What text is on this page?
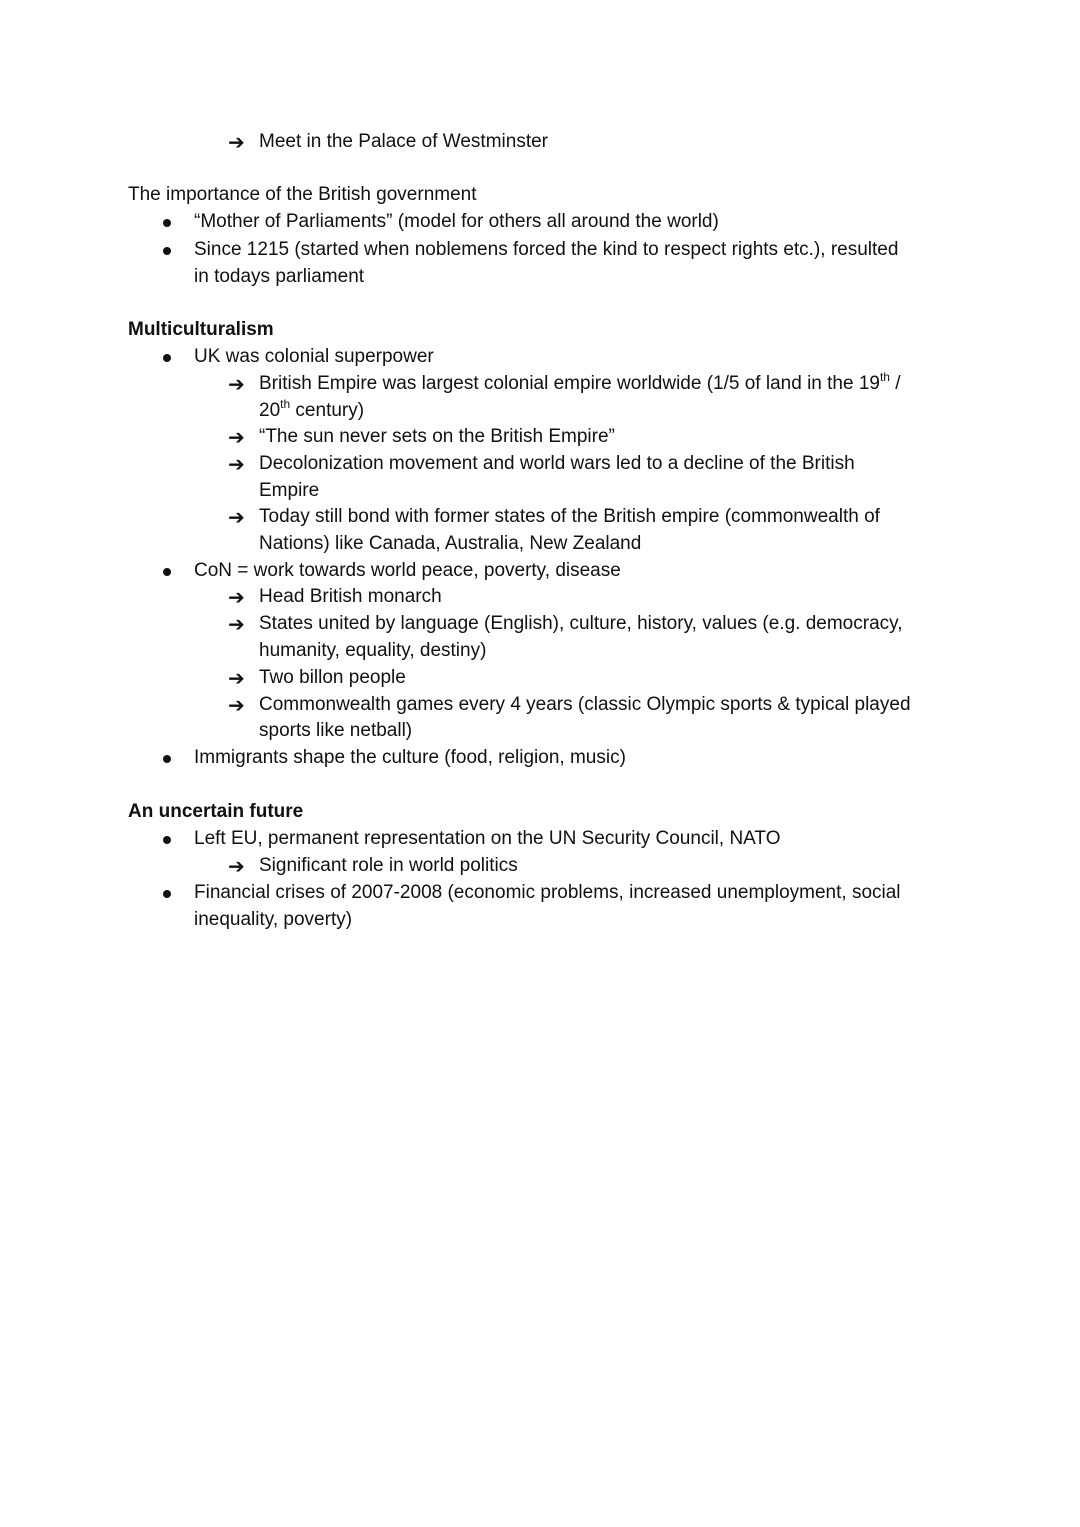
➔ Meet in the Palace of Westminster
The importance of the British government
“Mother of Parliaments” (model for others all around the world)
Since 1215 (started when noblemens forced the kind to respect rights etc.), resulted
in todays parliament
Multiculturalism
UK was colonial superpower
➔ British Empire was largest colonial empire worldwide (1/5 of land in the 19th /
20th century)
➔ “The sun never sets on the British Empire”
➔ Decolonization movement and world wars led to a decline of the British
Empire
➔ Today still bond with former states of the British empire (commonwealth of
Nations) like Canada, Australia, New Zealand
CoN = work towards world peace, poverty, disease
➔ Head British monarch
➔ States united by language (English), culture, history, values (e.g. democracy,
humanity, equality, destiny)
➔ Two billon people
➔ Commonwealth games every 4 years (classic Olympic sports & typical played
sports like netball)
Immigrants shape the culture (food, religion, music)
An uncertain future
Left EU, permanent representation on the UN Security Council, NATO
➔ Significant role in world politics
Financial crises of 2007-2008 (economic problems, increased unemployment, social
inequality, poverty)
